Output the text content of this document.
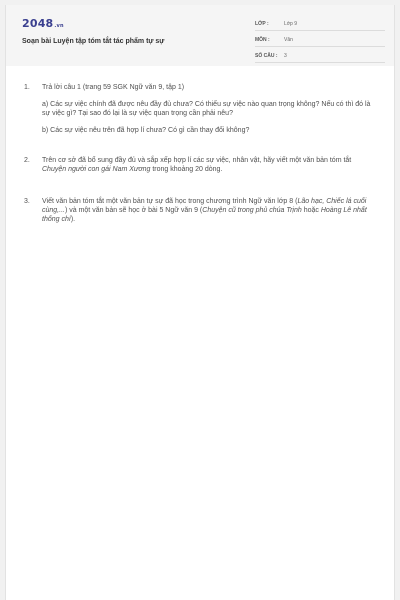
2048.vn
Soạn bài Luyện tập tóm tắt tác phẩm tự sự
LỚP :	Lớp 9
MÔN :	Văn
SỐ CÂU : 3
1. Trả lời câu 1 (trang 59 SGK Ngữ văn 9, tập 1)
a) Các sự việc chính đã được nêu đầy đủ chưa? Có thiếu sự việc nào quan trọng không? Nếu có thì đó là sự việc gì? Tại sao đó lại là sự việc quan trọng cần phải nêu?
b) Các sự việc nêu trên đã hợp lí chưa? Có gì cần thay đổi không?
2. Trên cơ sở đã bổ sung đầy đủ và sắp xếp hợp lí các sự việc, nhân vật, hãy viết một văn bản tóm tắt Chuyện người con gái Nam Xương trong khoảng 20 dòng.
3. Viết văn bản tóm tắt một văn bản tự sự đã học trong chương trình Ngữ văn lớp 8 (Lão hạc, Chiếc lá cuối cùng,...) và một văn bản sẽ học ở bài 5 Ngữ văn 9 (Chuyện cũ trong phủ chúa Trịnh hoặc Hoàng Lê nhất thống chí).
